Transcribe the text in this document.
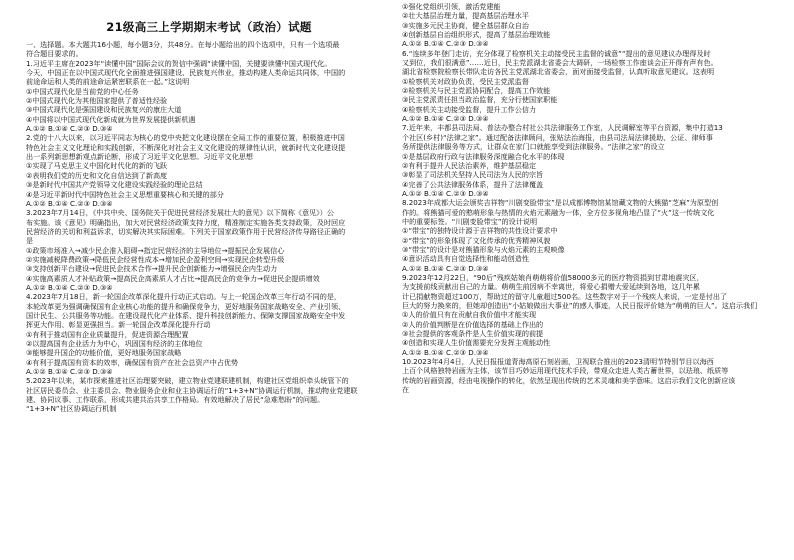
21级高三上学期期末考试（政治）试题
一、选择题。本大题共16小题，每小题3分，共48分。在每小题给出的四个选项中，只有一个选项最
符合题目要求的。
1.习近平主席在2023年“读懂中国”国际会议的贺信中强调“读懂中国，关键要读懂中国式现代化。
今天，中国正在以中国式现代化全面推进强国建设、民族复兴伟业，推动构建人类命运共同体，中国的
前途命运和人类的前途命运紧密联系在一起。”这说明
①中国式现代化是当前党的中心任务
②中国式现代化为其他国家提供了普适性经验
③中国式现代化是强国建设和民族复兴的康庄大道
④中国将以中国式现代化新成就为世界发展提供新机遇
A.①② B.①④ C.②③ D.③④
2.党的十八大以来，以习近平同志为核心的党中央把文化建设摆在全局工作的重要位置，积极推进中国
特色社会主义文化理论和实践创新，不断深化对社会主义文化建设的规律性认识，就新时代文化建设提
出一系列新思想新观点新论断，形成了习近平文化思想。习近平文化思想
①实现了马克思主义中国化时代化的新的飞跃
②表明我们党的历史和文化自信达到了新高度
③是新时代中国共产党领导文化建设实践经验的理论总结
④是习近平新时代中国特色社会主义思想重要核心和关键的部分
A.①② B.①④ C.②③ D.③④
3.2023年7月14日，《中共中央、国务院关于促进民营经济发展壮大的意见》以下简称《意见》）公
布实施。该《意见》明确指出，加大对民营经济政策支持力度，精准制定实施各类支持政策，及时回应
民营经济的关切和利益诉求，切实解决其实际困难。下列关于国家政策作用于民营经济传导路径正确的
是
①政策市场准入→减少民企准入阻碍→指定民营经济的主导地位→提振民企发展信心
②实施减税降费政策→降低民企经营性成本→增加民企盈利空间→实现民企转型升级
③支持创新平台建设→促进民企技术合作→提升民企创新能力→增强民企内生动力
④实施高素质人才补贴政策→提高民企高素质人才占比→提高民企的竞争力→促进民企提质增效
A.①② B.①④ C.②③ D.③④
4.2023年7月18日，新一轮国企改革深化提升行动正式启动。与上一轮国企改革三年行动不同的是，
本轮改革更为强调确保国有企业核心功能的提升和确保竞争力，更好地服务国家战略安全、产业引领、
国计民生、公共服务等功能。在建设现代化产业体系、提升科技创新能力、保障支撑国家战略安全中发
挥更大作用、彰显更强担当。新一轮国企改革深化提升行动
①有利于推动国有企业质量提升，促进资源合理配置
②以提高国有企业活力为中心，巩固国有经济的主体地位
③能够提升国企的功能价值，更好地服务国家战略
④有利于提高国有资本的效率，确保国有资产在社会总资产中占优势
A.①② B.①④ C.②③ D.③④
5.2023年以来，某市探索推进社区治理要突破，建立物业党建联建机制，构建社区党组织牵头统管下的
社区居民委员会、业主委员会、物业服务企业和业主协调运行的“1+3+N”协调运行机制，推动物业党建联
建、协同议事、工作联系，形成共建共治共享工作格局。有效地解决了居民“急难愁盼”的问题。
“1+3+N”社区协调运行机制
①强化党组织引领，激活党建能
②壮大基层治理力量，提高基层治理水平
③实施多元民主协商，健全基层群众自治
④创新基层自治组织形式，提高了基层治理效能
A.①② B.①④ C.②③ D.③④
6.“连续多年登门走访，充分体现了检察机关主动接受民主监督的诚意”“提出的意见建议办理得及时
又到位，我们很满意”……近日，民主党派湖北省委会大调研，一场检察工作座谈会正开得有声有色。
湖北省检察院检察长带队走访各民主党派湖北省委会，面对面接受监督，认真听取意见建议。这表明
①检察机关对政协负责，受民主党派监督
②检察机关与民主党派协同配合，提高工作效能
③民主党派责任担当政治监督，充分行使国家职能
④检察机关主动接受监督，提升工作公信力
A.①② B.①④ C.②③ D.③④
7.近年来，丰都县司法局、普法办整合村社公共法律服务工作室，人民调解室等平台资源，集中打造13
个社区(乡村)“法律之家”。通过配备法律顾问，张贴法治海报，由县司法局法律援助、公证、律师事
务所提供法律服务等方式，让群众在家门口就能享受到法律服务。“法律之家”的设立
①是基层政府行政与法律服务深度融合化水平的体现
②有利于提升人民法治素养，维护基层稳定
③彰显了司法机关坚持人民司法为人民的宗旨
④完善了公共法律服务体系，提升了法律覆盖
A.①② B.①④ C.②③ D.③④
8.2023年成都大运会颁奖吉祥物“川剧变脸带宝”是以成都博物馆某馆藏文物的大熊猫“芝麻”为原型创
作的。将熊猫可爱的憨萌形象与热情的火焰元素融为一体，全方位多视角地凸显了“火”这一传统文化
中的重要标签。“川剧变脸带宝”的设计说明
①“带宝”的独特设计源于吉祥物的共性设计要求中
②“带宝”的形象体现了文化传承的优秀精神风貌
③“带宝”的设计是对熊猫形象与火焰元素的主观映像
④意识活动具有自觉选择性和能动创造性
A.①② B.①④ C.②③ D.③④
9.2023年12月22日，“90后”残疾姑娘肖萌萌将价值58000多元的医疗物资捐到甘肃地震灾区，
为支援前线贡献出自己的力量。萌萌生前因病不幸离世，将爱心捐赠大爱延续到各地，这几年累
计已捐献物资超过100万，帮助过的留守儿童超过500名。这些数字对于一个残疾人来说，一定是付出了
巨大的努力换来的，但她却创造出“小姑娘做出大事业”的感人事迹，人民日报评价她为“萌萌的巨人”。这启示我们
①人的价值只有在贡献自我价值中才能实现
②人的价值判断是在价值选择的基础上作出的
③社会提供的客观条件是人生价值实现的前提
④创造和实现人生价值需要充分发挥主观能动性
A.①② B.①④ C.②③ D.③④
10.2023年4月4日，人民日报报道青海高原石刻岩画，卫视联合推出的2023清明节特别节目以海西
上百个风格独特岩画为主体，该节目巧妙运用现代技术手段，带观众走进人类古蓄世界，以珐琅、纸质等
传统的岩画资源，经由电视操作的转化，依然呈现出传统的艺术灵魂和美学意味。这启示我们文化创新应该
在
